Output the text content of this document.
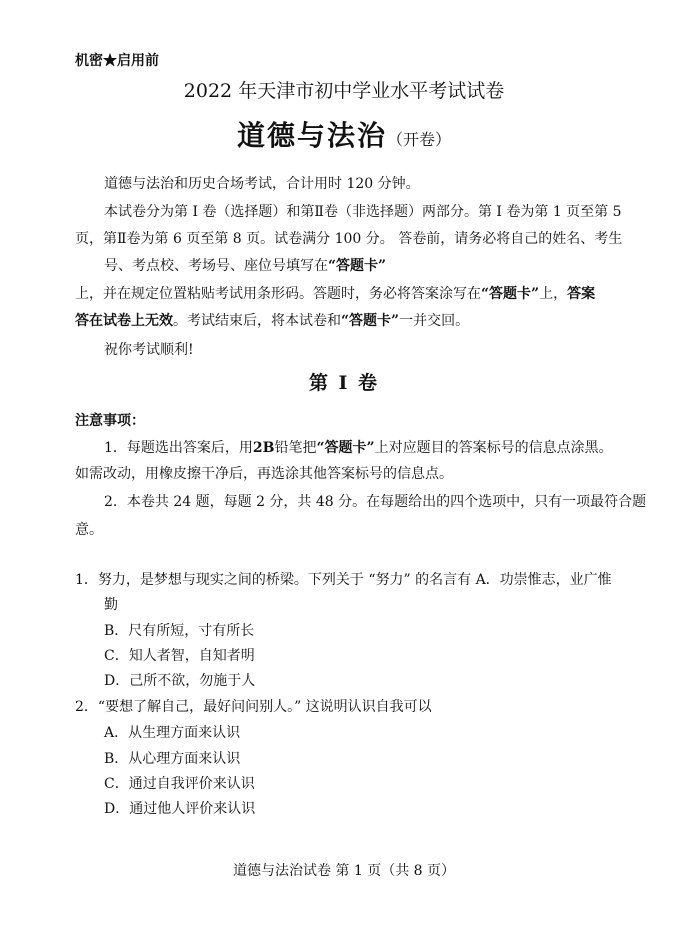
机密★启用前
2022 年天津市初中学业水平考试试卷
道德与法治（开卷）
道德与法治和历史合场考试，合计用时 120 分钟。
本试卷分为第 I 卷（选择题）和第Ⅱ卷（非选择题）两部分。第 I 卷为第 1 页至第 5
页，第Ⅱ卷为第 6 页至第 8 页。试卷满分 100 分。 答卷前，请务必将自己的姓名、考生
号、考点校、考场号、座位号填写在“答题卡”
上，并在规定位置粘贴考试用条形码。答题时，务必将答案涂写在“答题卡”上，答案
答在试卷上无效。考试结束后，将本试卷和“答题卡”一并交回。
祝你考试顺利!
第 I 卷
注意事项：
1．每题选出答案后，用2B铅笔把“答题卡”上对应题目的答案标号的信息点涂黑。
如需改动，用橡皮擦干净后，再选涂其他答案标号的信息点。
2．本卷共 24 题，每题 2 分，共 48 分。在每题给出的四个选项中，只有一项最符合题
意。
1．努力，是梦想与现实之间的桥梁。下列关于 “努力” 的名言有 A．功崇惟志，业广惟
勤
B．尺有所短，寸有所长
C．知人者智，自知者明
D．己所不欲，勿施于人
2．“要想了解自己，最好问问别人。” 这说明认识自我可以
A．从生理方面来认识
B．从心理方面来认识
C．通过自我评价来认识
D．通过他人评价来认识
道德与法治试卷 第 1 页（共 8 页）
